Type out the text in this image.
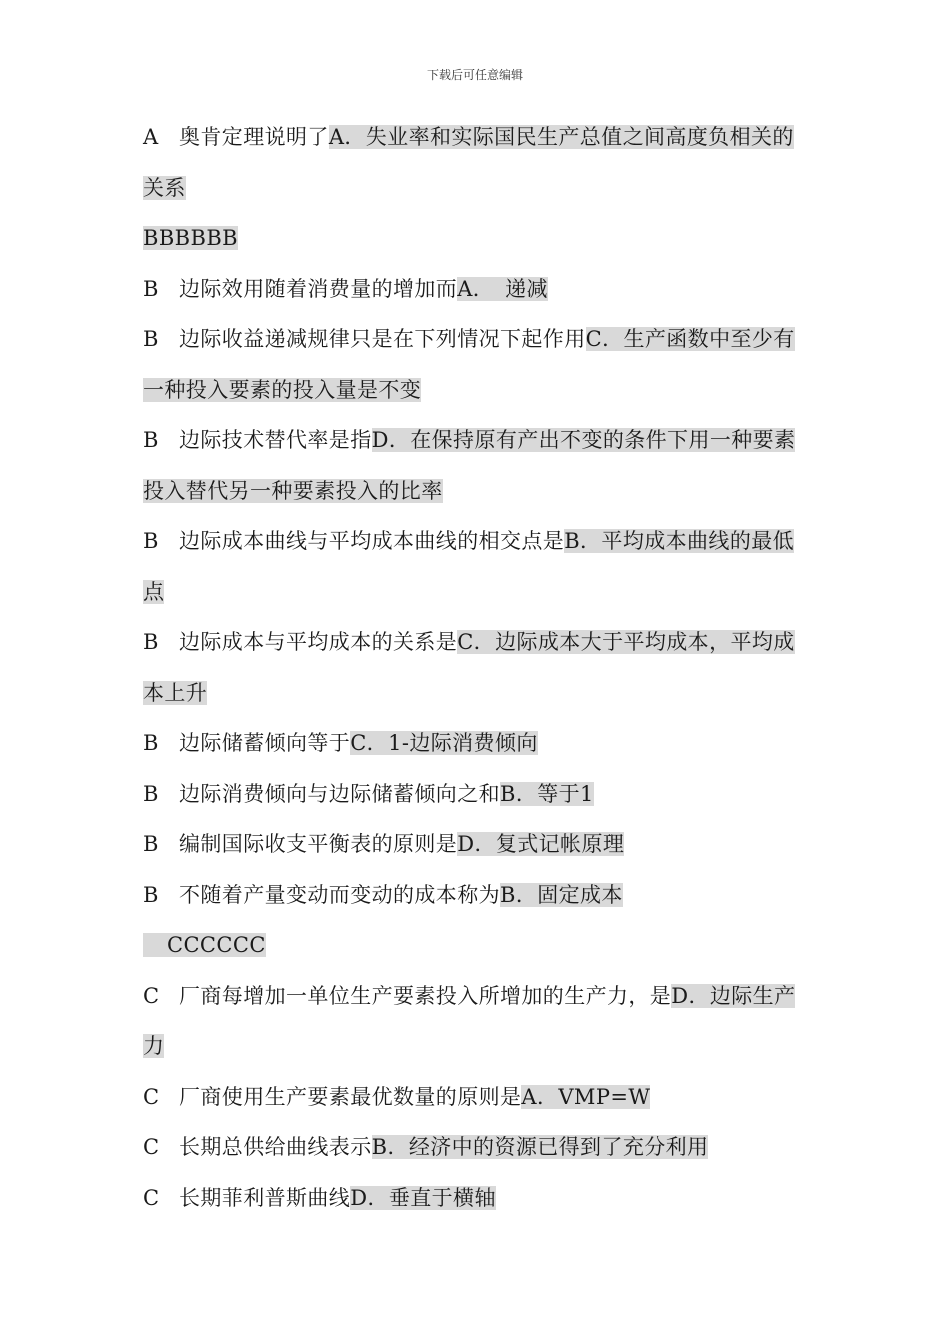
下载后可任意编辑
A 奥肯定理说明了A．失业率和实际国民生产总值之间高度负相关的关系
BBBBBB
B 边际效用随着消费量的增加而A．　递减
B 边际收益递减规律只是在下列情况下起作用C．生产函数中至少有一种投入要素的投入量是不变
B 边际技术替代率是指D．在保持原有产出不变的条件下用一种要素投入替代另一种要素投入的比率
B 边际成本曲线与平均成本曲线的相交点是B．平均成本曲线的最低点
B 边际成本与平均成本的关系是C．边际成本大于平均成本，平均成本上升
B 边际储蓄倾向等于C．1-边际消费倾向
B 边际消费倾向与边际储蓄倾向之和B．等于1
B 编制国际收支平衡表的原则是D．复式记帐原理
B 不随着产量变动而变动的成本称为B．固定成本
CCCCCC
C 厂商每增加一单位生产要素投入所增加的生产力，是D．边际生产力
C 厂商使用生产要素最优数量的原则是A．VMP=W
C 长期总供给曲线表示B．经济中的资源已得到了充分利用
C 长期菲利普斯曲线D．垂直于横轴
